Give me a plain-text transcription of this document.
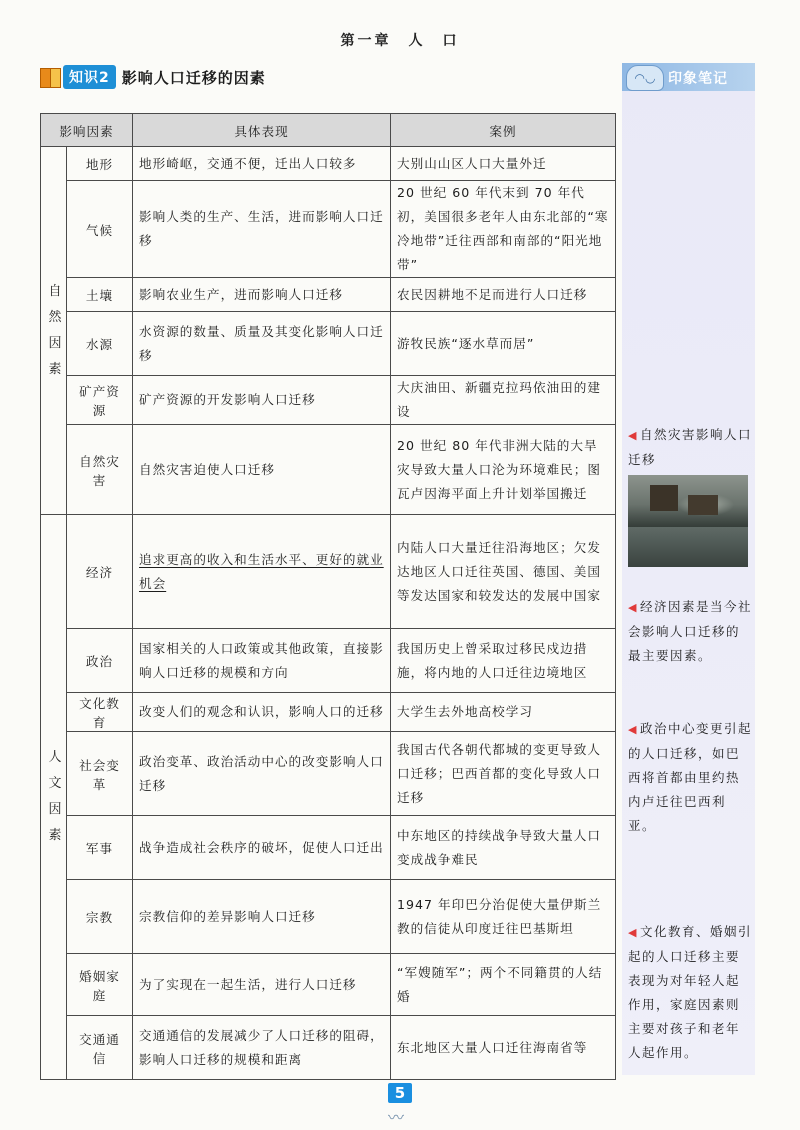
第一章　人　口
知识2 影响人口迁移的因素
影响因素		具体表现	案例
自然因素	地形	地形崎岖，交通不便，迁出人口较多	大别山山区人口大量外迁
	气候	影响人类的生产、生活，进而影响人口迁移	20 世纪 60 年代末到 70 年代初，美国很多老年人由东北部的“寒冷地带”迁往西部和南部的“阳光地带”
	土壤	影响农业生产，进而影响人口迁移	农民因耕地不足而进行人口迁移
	水源	水资源的数量、质量及其变化影响人口迁移	游牧民族“逐水草而居”
	矿产资源	矿产资源的开发影响人口迁移	大庆油田、新疆克拉玛依油田的建设
	自然灾害	自然灾害迫使人口迁移	20 世纪 80 年代非洲大陆的大旱灾导致大量人口沦为环境难民；图瓦卢因海平面上升计划举国搬迁
人文因素	经济	追求更高的收入和生活水平、更好的就业机会	内陆人口大量迁往沿海地区；欠发达地区人口迁往英国、德国、美国等发达国家和较发达的发展中国家
	政治	国家相关的人口政策或其他政策，直接影响人口迁移的规模和方向	我国历史上曾采取过移民戍边措施，将内地的人口迁往边境地区
	文化教育	改变人们的观念和认识，影响人口的迁移	大学生去外地高校学习
	社会变革	政治变革、政治活动中心的改变影响人口迁移	我国古代各朝代都城的变更导致人口迁移；巴西首都的变化导致人口迁移
	军事	战争造成社会秩序的破坏，促使人口迁出	中东地区的持续战争导致大量人口变成战争难民
	宗教	宗教信仰的差异影响人口迁移	1947 年印巴分治促使大量伊斯兰教的信徒从印度迁往巴基斯坦
	婚姻家庭	为了实现在一起生活，进行人口迁移	“军嫂随军”；两个不同籍贯的人结婚
	交通通信	交通通信的发展减少了人口迁移的阻碍，影响人口迁移的规模和距离	东北地区大量人口迁往海南省等
◠◡ 印象笔记
◀ 自然灾害影响人口迁移
◀ 经济因素是当今社会影响人口迁移的最主要因素。
◀ 政治中心变更引起的人口迁移，如巴西将首都由里约热内卢迁往巴西利亚。
◀ 文化教育、婚姻引起的人口迁移主要表现为对年轻人起作用，家庭因素则主要对孩子和老年人起作用。
5
〰
